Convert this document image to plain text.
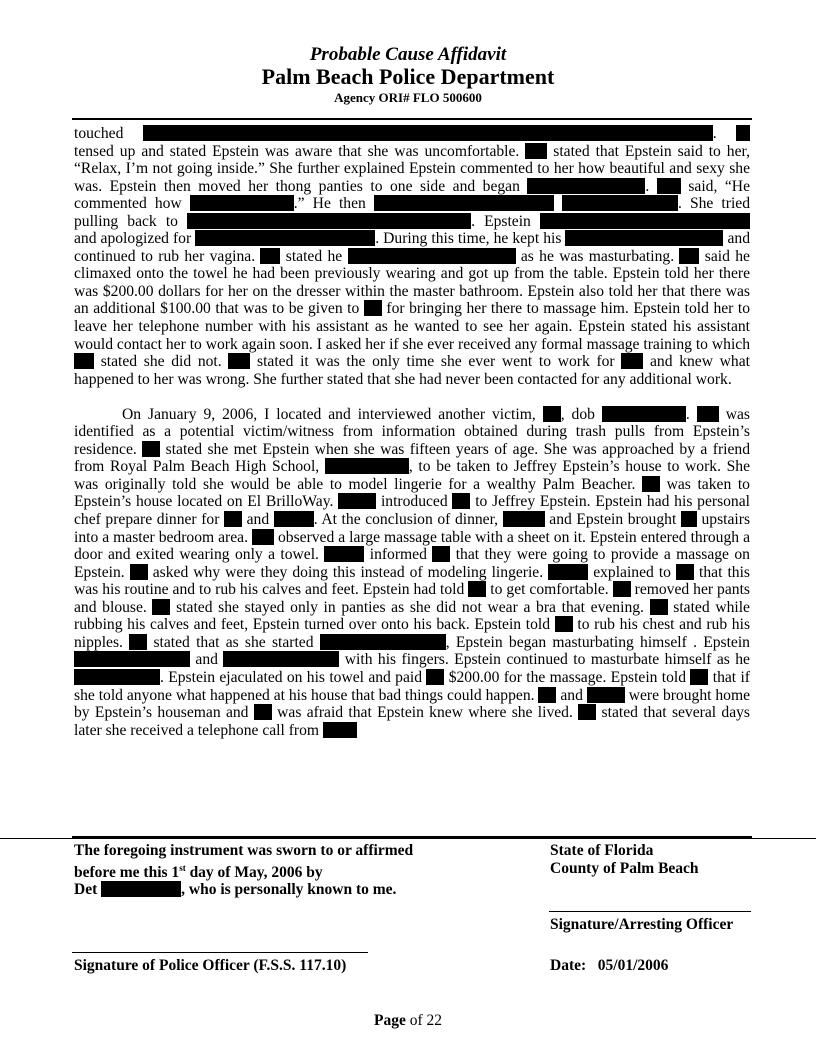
Probable Cause Affidavit
Palm Beach Police Department
Agency ORI# FLO 500600

touched	.  tensed up and stated Epstein was aware that she was uncomfortable. stated that Epstein said to her, “Relax, I’m not going inside.” She further explained Epstein commented to her how beautiful and sexy she was. Epstein then moved her thong panties to one side and began	.	said, “He commented how	.” He then	. She tried pulling back to	. Epstein  and apologized for	. During this time, he kept his	and continued to rub her vagina. stated he	as he was masturbating. said he climaxed onto the towel he had been previously wearing and got up from the table. Epstein told her there was $200.00 dollars for her on the dresser within the master bathroom. Epstein also told her that there was an additional $100.00 that was to be given to for bringing her there to massage him. Epstein told her to leave her telephone number with his assistant as he wanted to see her again. Epstein stated his assistant would contact her to work again soon. I asked her if she ever received any formal massage training to which  stated she did not. stated it was the only time she ever went to work for and knew what happened to her was wrong. She further stated that she had never been contacted for any additional work.

On January 9, 2006, I located and interviewed another victim, , dob	. was identified as a potential victim/witness from information obtained during trash pulls from Epstein’s residence. stated she met Epstein when she was fifteen years of age. She was approached by a friend from Royal Palm Beach High School,	, to be taken to Jeffrey Epstein’s house to work. She was originally told she would be able to model lingerie for a wealthy Palm Beacher. was taken to Epstein’s house located on El BrilloWay.	introduced to Jeffrey Epstein. Epstein had his personal chef prepare dinner for and	. At the conclusion of dinner,	and Epstein brought upstairs into a master bedroom area. observed a large massage table with a sheet on it. Epstein entered through a door and exited wearing only a towel.	informed that they were going to provide a massage on Epstein. asked why were they doing this instead of modeling lingerie.	explained to that this was his routine and to rub his calves and feet. Epstein had told to get comfortable. removed her pants and blouse. stated she stayed only in panties as she did not wear a bra that evening. stated while rubbing his calves and feet, Epstein turned over onto his back. Epstein told to rub his chest and rub his nipples. stated that as she started	, Epstein began masturbating himself . Epstein  and	with his fingers. Epstein continued to masturbate himself as he . Epstein ejaculated on his towel and paid $200.00 for the massage. Epstein told that if she told anyone what happened at his house that bad things could happen. and	were brought home by Epstein’s houseman and was afraid that Epstein knew where she lived. stated that several days later she received a telephone call from

The foregoing instrument was sworn to or affirmed
before me this 1st day of May, 2006 by
Det	, who is personally known to me.
State of Florida
County of Palm Beach
Signature/Arresting Officer
Signature of Police Officer (F.S.S. 117.10)	Date: 05/01/2006
Page of 22
